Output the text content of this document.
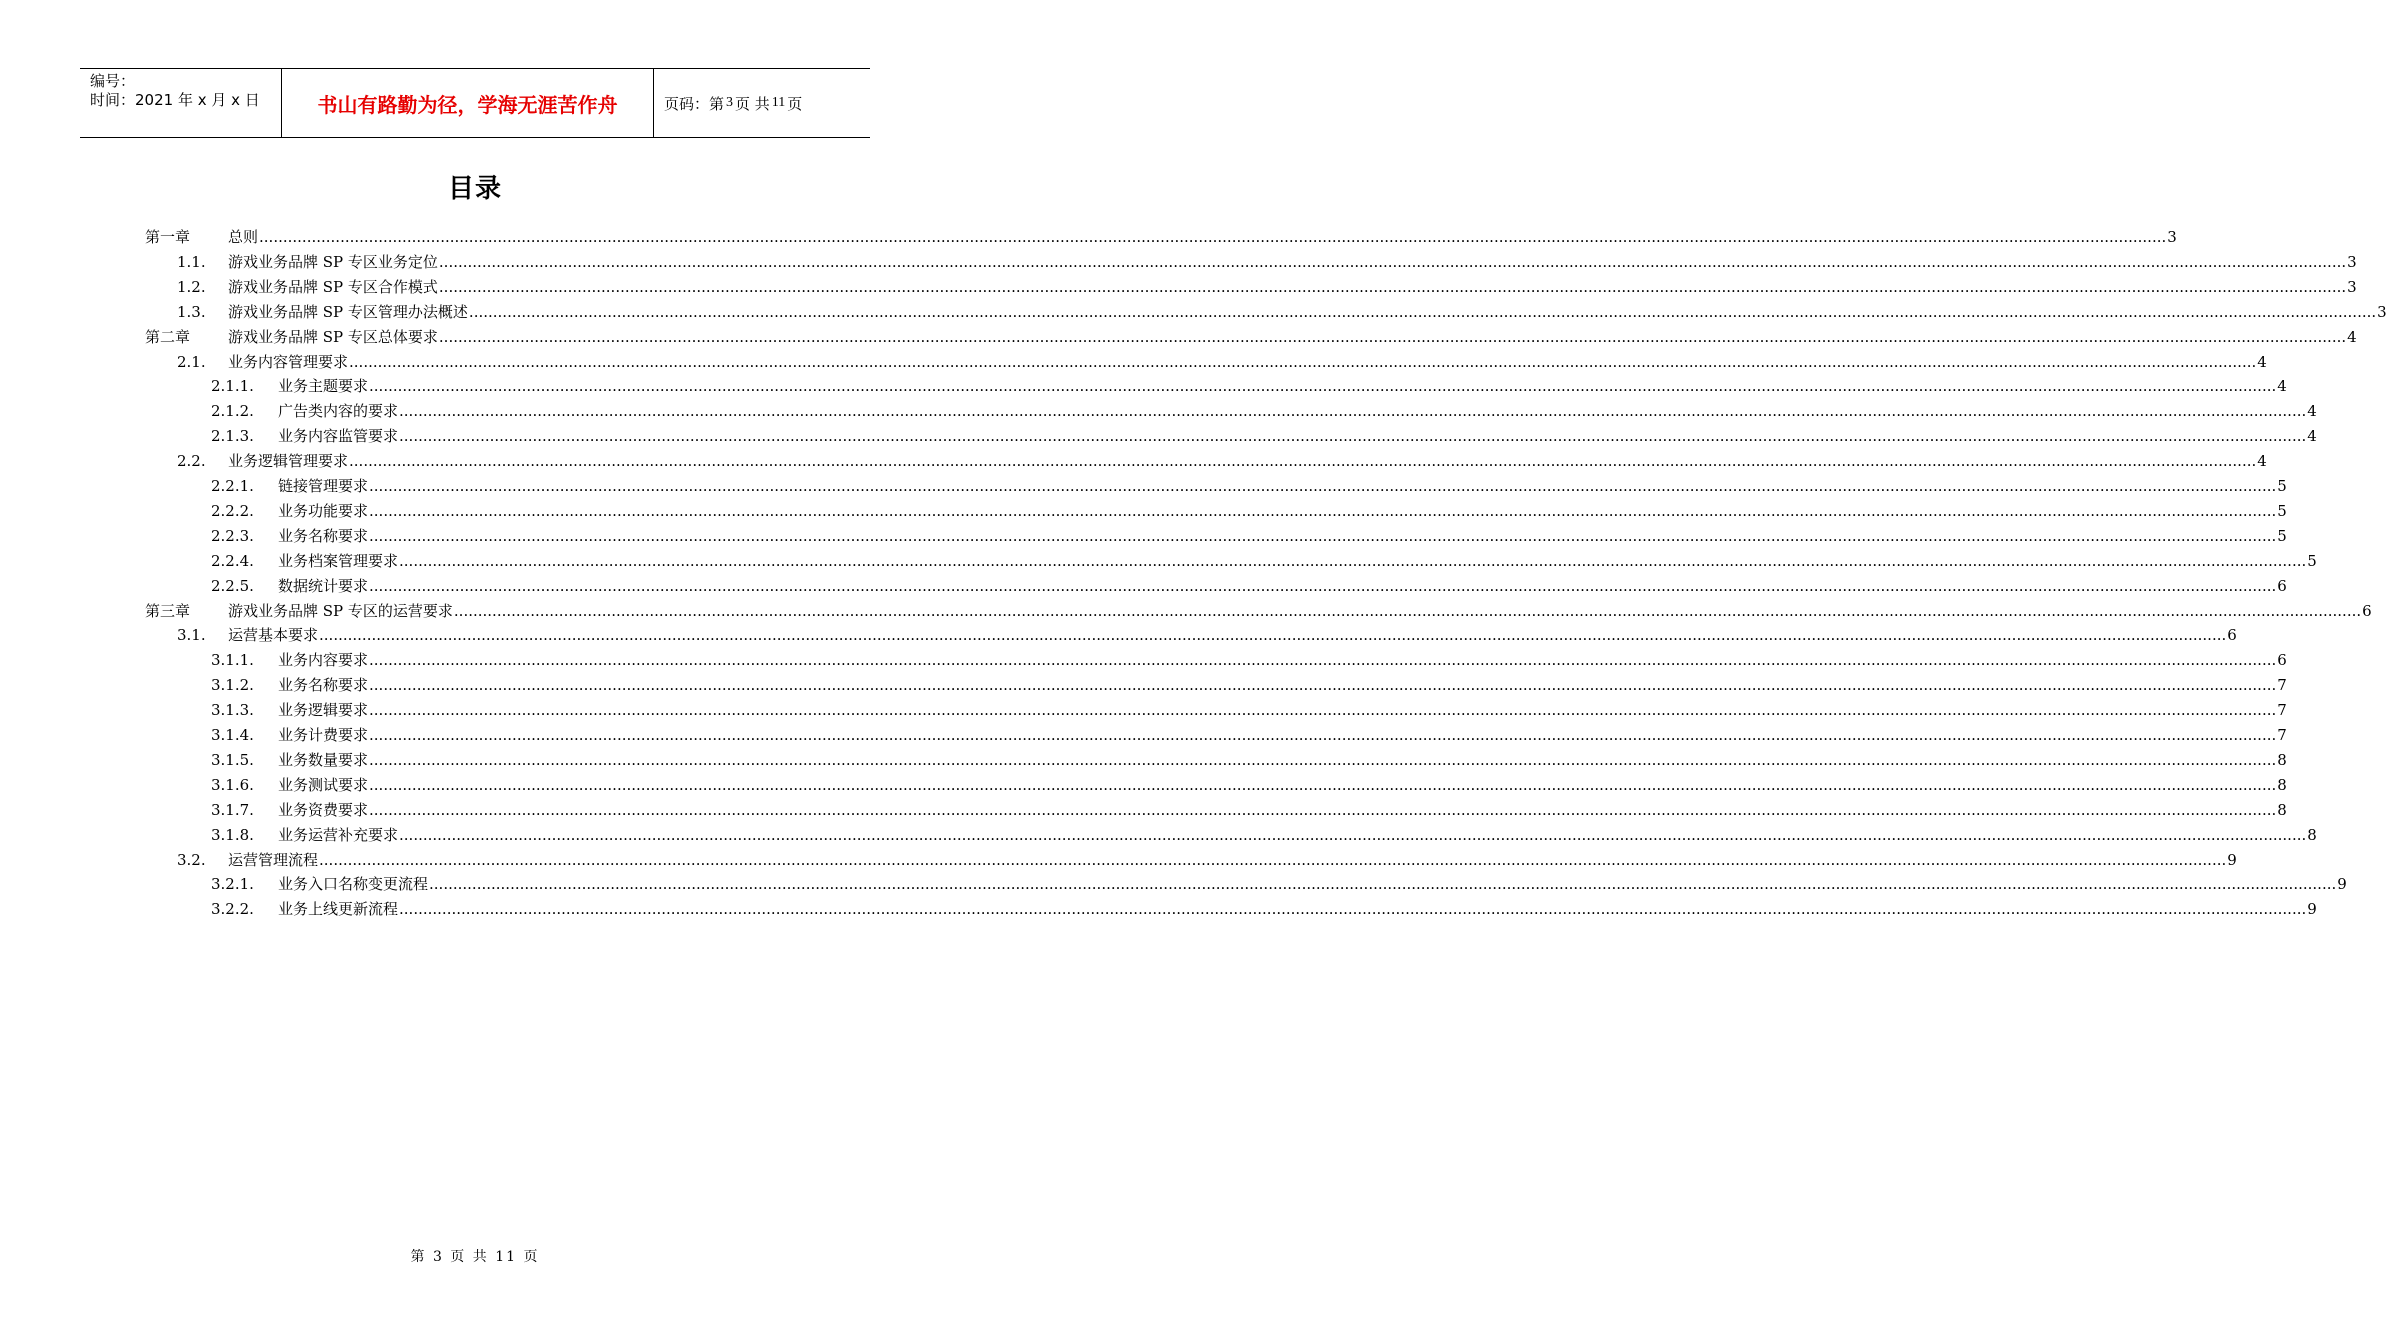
编号：
时间：2021 年 x 月 x 日	书山有路勤为径，学海无涯苦作舟	页码：第 3 页 共 11 页
目录
第一章	总则 ................................................................................................................................................................................................................................................................................................................................................................................................................ 3
1.1. 游戏业务品牌 SP 专区业务定位 ................................................................................................................................................................................................................................................................................................................................................................................................................ 3
1.2. 游戏业务品牌 SP 专区合作模式 ................................................................................................................................................................................................................................................................................................................................................................................................................ 3
1.3. 游戏业务品牌 SP 专区管理办法概述 ................................................................................................................................................................................................................................................................................................................................................................................................................ 3
第二章	游戏业务品牌 SP 专区总体要求 ................................................................................................................................................................................................................................................................................................................................................................................................................ 4
2.1. 业务内容管理要求 ................................................................................................................................................................................................................................................................................................................................................................................................................ 4
2.1.1. 业务主题要求 ................................................................................................................................................................................................................................................................................................................................................................................................................ 4
2.1.2. 广告类内容的要求 ................................................................................................................................................................................................................................................................................................................................................................................................................ 4
2.1.3. 业务内容监管要求 ................................................................................................................................................................................................................................................................................................................................................................................................................ 4
2.2. 业务逻辑管理要求 ................................................................................................................................................................................................................................................................................................................................................................................................................ 4
2.2.1. 链接管理要求 ................................................................................................................................................................................................................................................................................................................................................................................................................ 5
2.2.2. 业务功能要求 ................................................................................................................................................................................................................................................................................................................................................................................................................ 5
2.2.3. 业务名称要求 ................................................................................................................................................................................................................................................................................................................................................................................................................ 5
2.2.4. 业务档案管理要求 ................................................................................................................................................................................................................................................................................................................................................................................................................ 5
2.2.5. 数据统计要求 ................................................................................................................................................................................................................................................................................................................................................................................................................ 6
第三章	游戏业务品牌 SP 专区的运营要求 ................................................................................................................................................................................................................................................................................................................................................................................................................ 6
3.1. 运营基本要求 ................................................................................................................................................................................................................................................................................................................................................................................................................ 6
3.1.1. 业务内容要求 ................................................................................................................................................................................................................................................................................................................................................................................................................ 6
3.1.2. 业务名称要求 ................................................................................................................................................................................................................................................................................................................................................................................................................ 7
3.1.3. 业务逻辑要求 ................................................................................................................................................................................................................................................................................................................................................................................................................ 7
3.1.4. 业务计费要求 ................................................................................................................................................................................................................................................................................................................................................................................................................ 7
3.1.5. 业务数量要求 ................................................................................................................................................................................................................................................................................................................................................................................................................ 8
3.1.6. 业务测试要求 ................................................................................................................................................................................................................................................................................................................................................................................................................ 8
3.1.7. 业务资费要求 ................................................................................................................................................................................................................................................................................................................................................................................................................ 8
3.1.8. 业务运营补充要求 ................................................................................................................................................................................................................................................................................................................................................................................................................ 8
3.2. 运营管理流程 ................................................................................................................................................................................................................................................................................................................................................................................................................ 9
3.2.1. 业务入口名称变更流程 ................................................................................................................................................................................................................................................................................................................................................................................................................ 9
3.2.2. 业务上线更新流程 ................................................................................................................................................................................................................................................................................................................................................................................................................ 9
第 3 页 共 11 页
